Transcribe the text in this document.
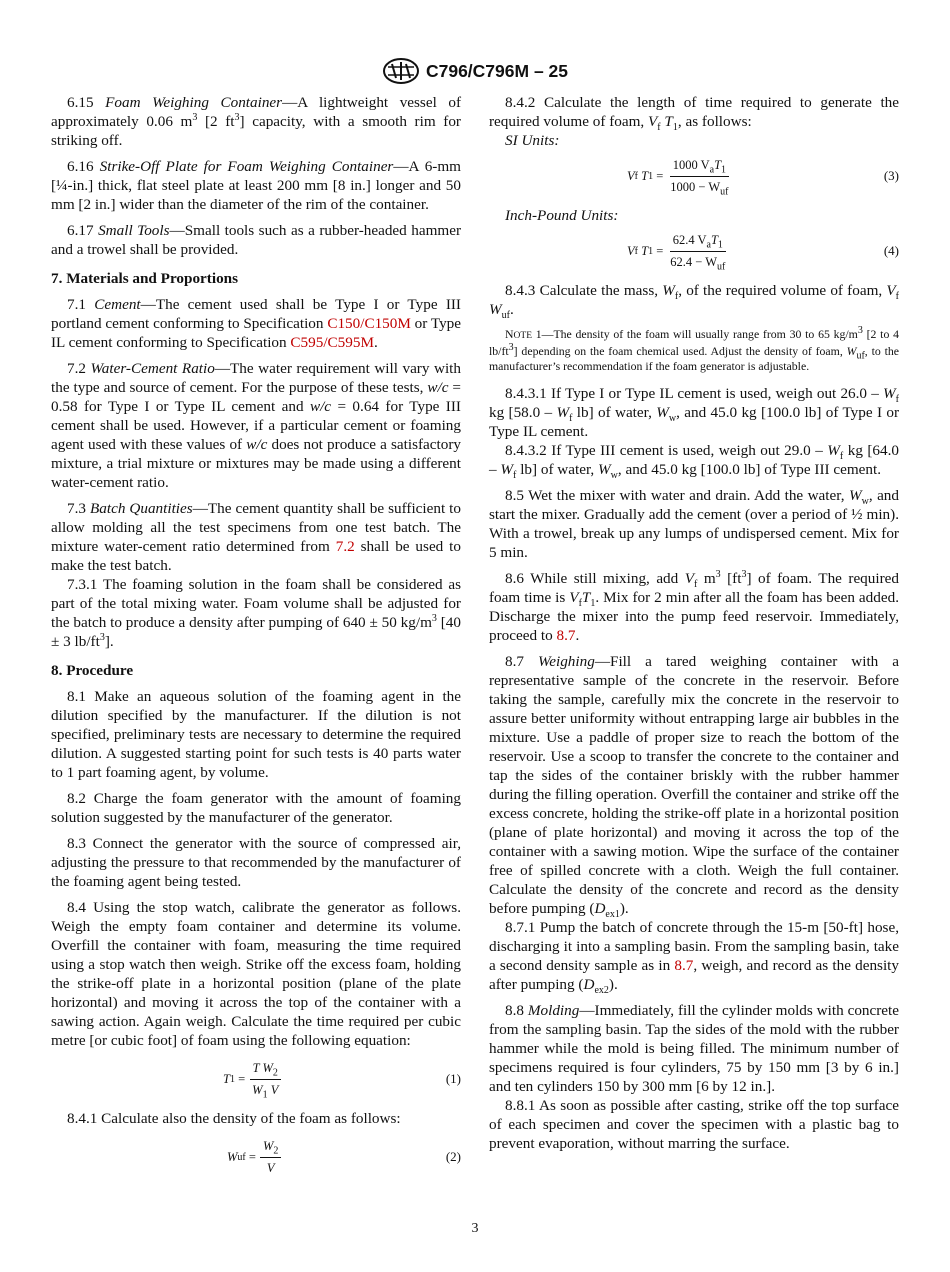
C796/C796M – 25

6.15 Foam Weighing Container—A lightweight vessel of approximately 0.06 $m^3$ [2 $ft^3$] capacity, with a smooth rim for striking off.

6.16 Strike-Off Plate for Foam Weighing Container—A 6-mm [¼-in.] thick, flat steel plate at least 200 mm [8 in.] longer and 50 mm [2 in.] wider than the diameter of the rim of the container.

6.17 Small Tools—Small tools such as a rubber-headed hammer and a trowel shall be provided.

7. Materials and Proportions

7.1 Cement—The cement used shall be Type I or Type III portland cement conforming to Specification C150/C150M or Type IL cement conforming to Specification C595/C595M.

7.2 Water-Cement Ratio—The water requirement will vary with the type and source of cement. For the purpose of these tests, w/c = 0.58 for Type I or Type IL cement and w/c = 0.64 for Type III cement shall be used. However, if a particular cement or foaming agent used with these values of w/c does not produce a satisfactory mixture, a trial mixture or mixtures may be made using a different water-cement ratio.

7.3 Batch Quantities—The cement quantity shall be sufficient to allow molding all the test specimens from one test batch. The mixture water-cement ratio determined from 7.2 shall be used to make the test batch.

7.3.1 The foaming solution in the foam shall be considered as part of the total mixing water. Foam volume shall be adjusted for the batch to produce a density after pumping of 640 ± 50 $kg/m^3$ [40 ± 3 $lb/ft^3$].

8. Procedure

8.1 Make an aqueous solution of the foaming agent in the dilution specified by the manufacturer. If the dilution is not specified, preliminary tests are necessary to determine the required dilution. A suggested starting point for such tests is 40 parts water to 1 part foaming agent, by volume.

8.2 Charge the foam generator with the amount of foaming solution suggested by the manufacturer of the generator.

8.3 Connect the generator with the source of compressed air, adjusting the pressure to that recommended by the manufacturer of the foaming agent being tested.

8.4 Using the stop watch, calibrate the generator as follows. Weigh the empty foam container and determine its volume. Overfill the container with foam, measuring the time required using a stop watch then weigh. Strike off the excess foam, holding the strike-off plate in a horizontal position (plane of the plate horizontal) and moving it across the top of the container with a sawing action. Again weigh. Calculate the time required per cubic metre [or cubic foot] of foam using the following equation:

T $1 = \frac{T W_2}{W_1 V}$	(1)

8.4.1 Calculate also the density of the foam as follows:

W uf = $\frac{W_2}{V}$	(2)

8.4.2 Calculate the length of time required to generate the required volume of foam, $V_f$ $T_1$, as follows:

SI Units:

V f
T $1 = \frac{1000 V_aT_1}{1000 - W_{uf}}$	(3)

Inch-Pound Units:

V f
T $1 = \frac{62.4 V_aT_1}{62.4 - W_{uf}}$	(4)

8.4.3 Calculate the mass, $W_f$, of the required volume of foam, $V_f$ $W_{uf}$.

NOTE 1—The density of the foam will usually range from 30 to 65 $kg/m^3$ [2 to 4 $lb/ft^3$] depending on the foam chemical used. Adjust the density of foam, $W_{uf}$, to the manufacturer’s recommendation if the foam generator is adjustable.

8.4.3.1 If Type I or Type IL cement is used, weigh out $26.0 - W_f$ kg [$58.0 - W_f$ lb] of water, $W_w$, and 45.0 kg [100.0 lb] of Type I or Type IL cement.

8.4.3.2 If Type III cement is used, weigh out $29.0 - W_f$ kg [$64.0 - W_f$ lb] of water, $W_w$, and 45.0 kg [100.0 lb] of Type III cement.

8.5 Wet the mixer with water and drain. Add the water, $W_w$, and start the mixer. Gradually add the cement (over a period of ½ min). With a trowel, break up any lumps of undispersed cement. Mix for 5 min.

8.6 While still mixing, add $V_f$ $m^3$ $[ft^3]$ of foam. The required foam time is $V_fT_1$. Mix for 2 min after all the foam has been added. Discharge the mixer into the pump feed reservoir. Immediately, proceed to 8.7.

8.7 Weighing—Fill a tared weighing container with a representative sample of the concrete in the reservoir. Before taking the sample, carefully mix the concrete in the reservoir to assure better uniformity without entrapping large air bubbles in the mixture. Use a paddle of proper size to reach the bottom of the reservoir. Use a scoop to transfer the concrete to the container and tap the sides of the container briskly with the rubber hammer during the filling operation. Overfill the container and strike off the excess concrete, holding the strike-off plate in a horizontal position (plane of plate horizontal) and moving it across the top of the container with a sawing motion. Wipe the surface of the container free of spilled concrete with a cloth. Weigh the full container. Calculate the density of the concrete and record as the density before pumping $(D_{ex1})$.

8.7.1 Pump the batch of concrete through the 15-m [50-ft] hose, discharging it into a sampling basin. From the sampling basin, take a second density sample as in 8.7, weigh, and record as the density after pumping $(D_{ex2})$.

8.8 Molding—Immediately, fill the cylinder molds with concrete from the sampling basin. Tap the sides of the mold with the rubber hammer while the mold is being filled. The minimum number of specimens required is four cylinders, 75 by 150 mm [3 by 6 in.] and ten cylinders 150 by 300 mm [6 by 12 in.].

8.8.1 As soon as possible after casting, strike off the top surface of each specimen and cover the specimen with a plastic bag to prevent evaporation, without marring the surface.

3
